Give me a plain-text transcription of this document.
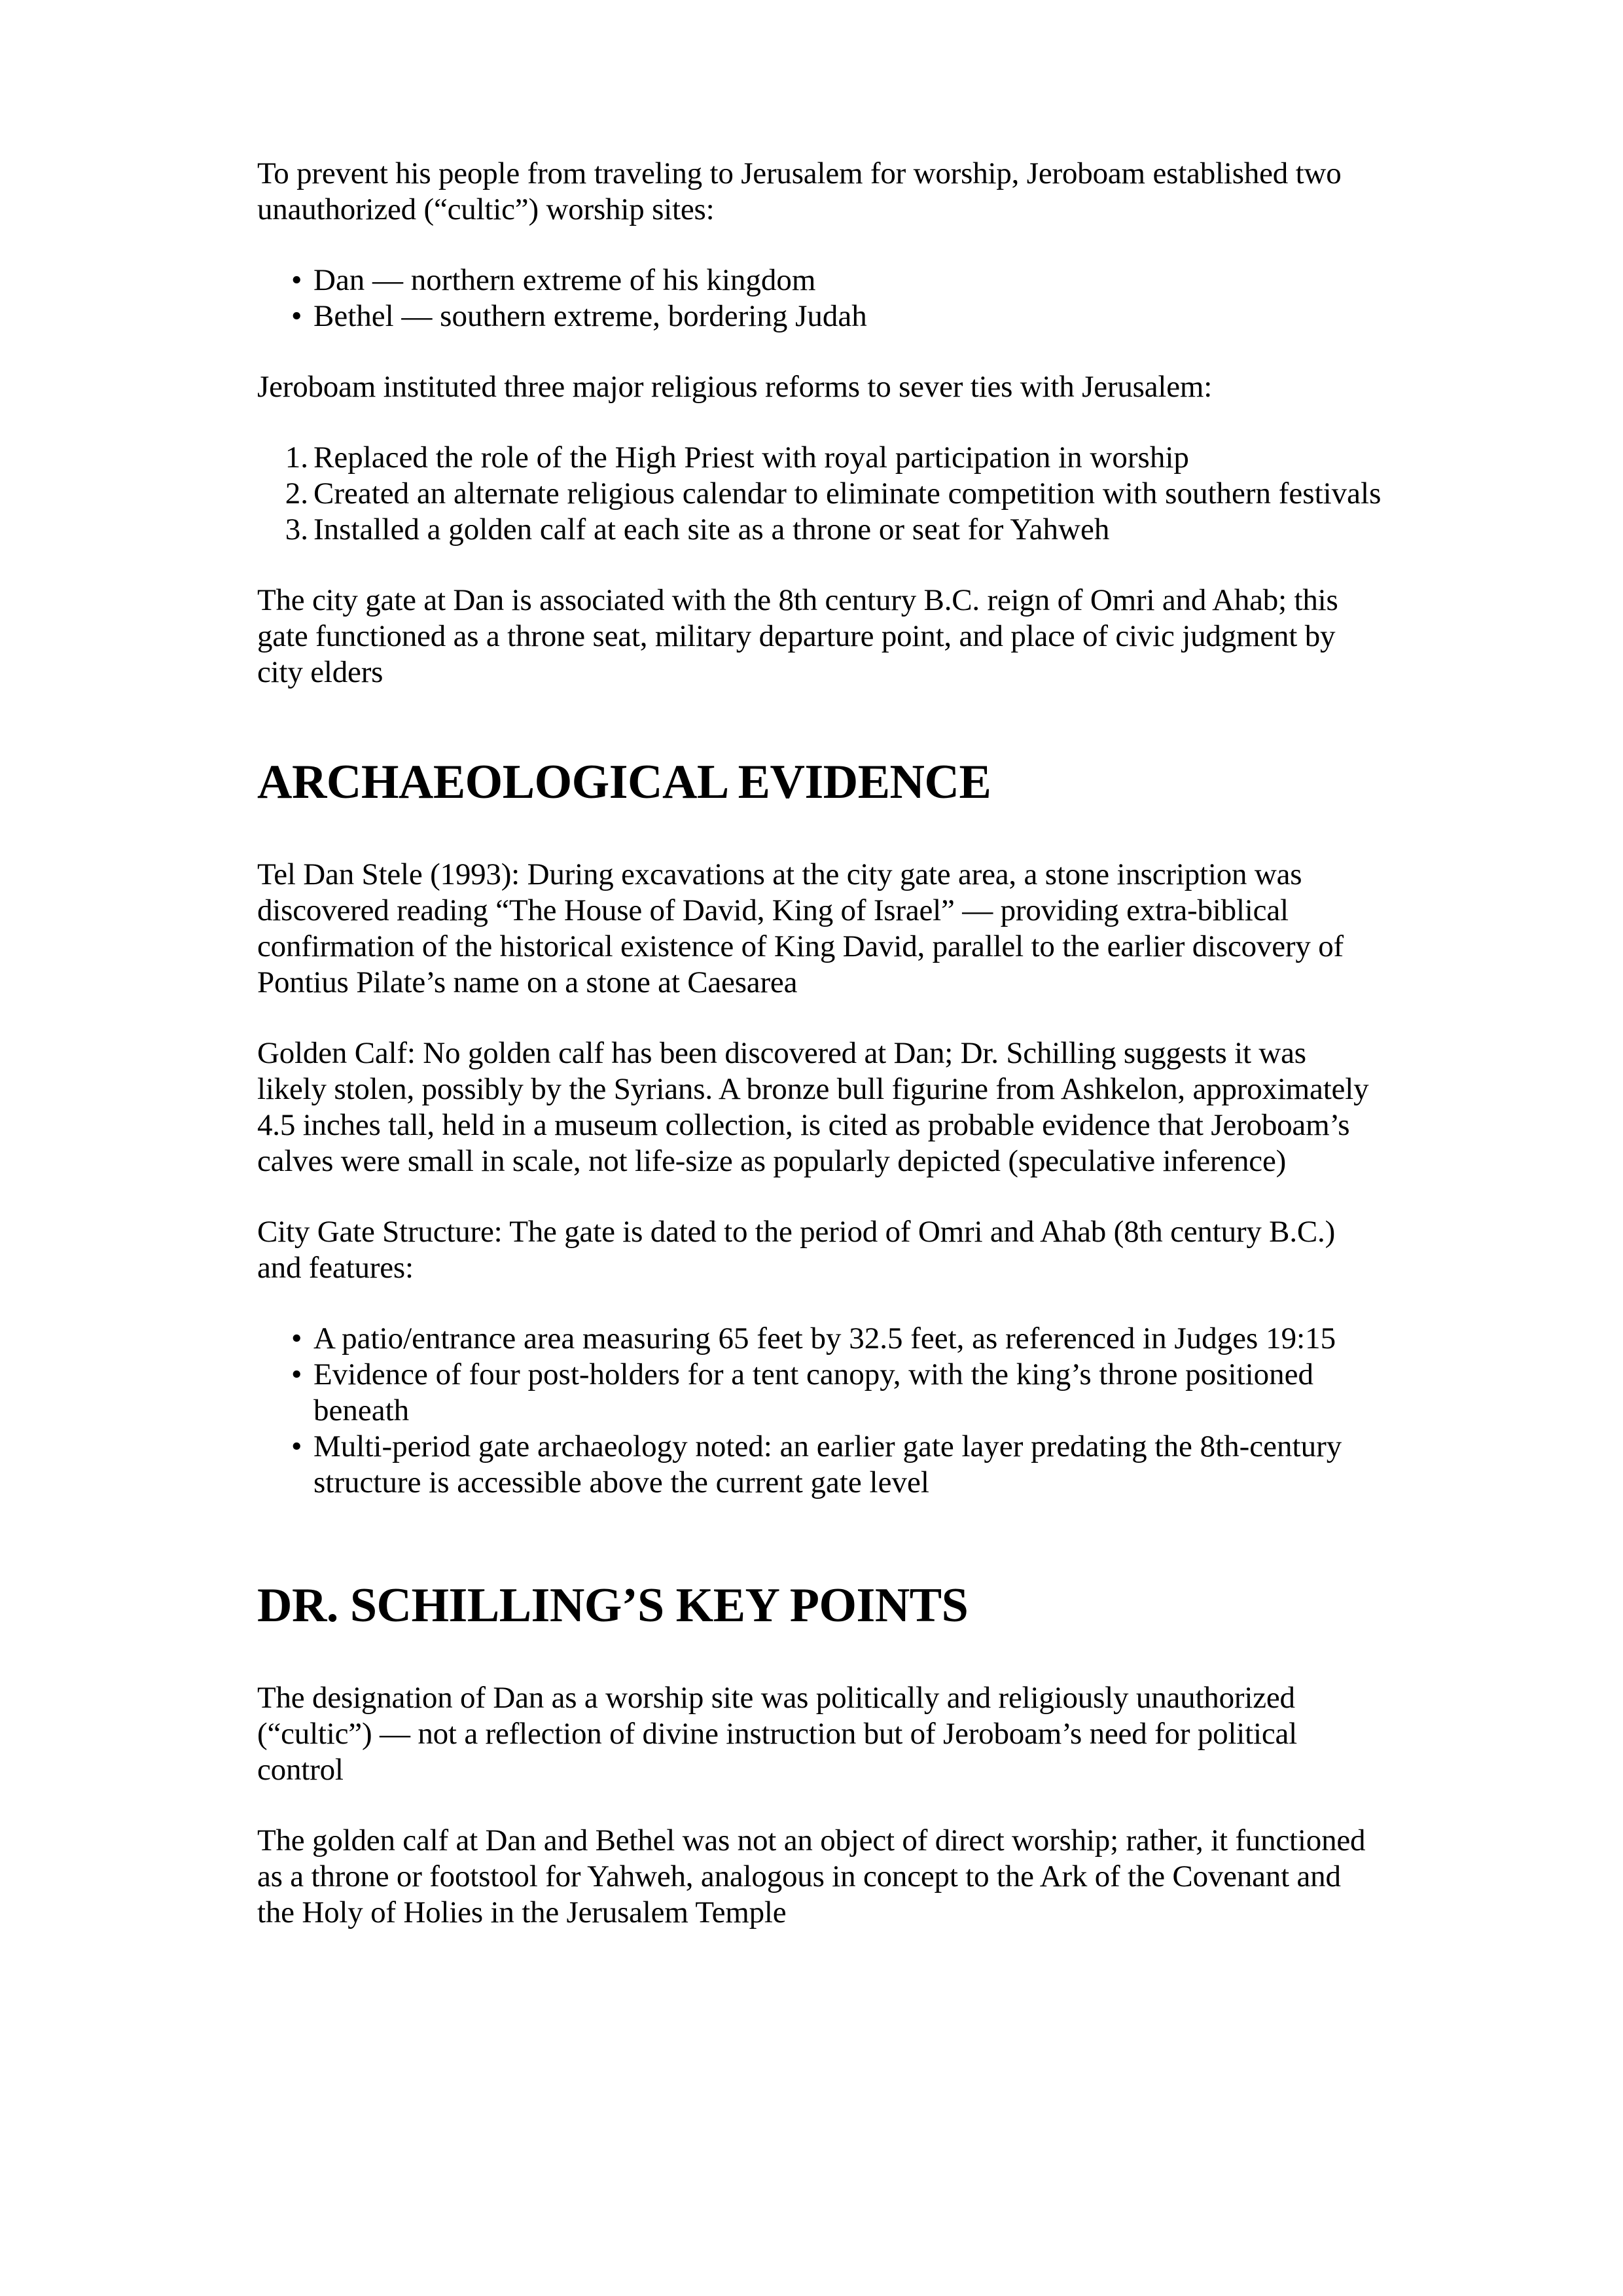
To prevent his people from traveling to Jerusalem for worship, Jeroboam established two unauthorized (“cultic”) worship sites:

• Dan — northern extreme of his kingdom
• Bethel — southern extreme, bordering Judah

Jeroboam instituted three major religious reforms to sever ties with Jerusalem:

1. Replaced the role of the High Priest with royal participation in worship
2. Created an alternate religious calendar to eliminate competition with southern festivals
3. Installed a golden calf at each site as a throne or seat for Yahweh

The city gate at Dan is associated with the 8th century B.C. reign of Omri and Ahab; this gate functioned as a throne seat, military departure point, and place of civic judgment by city elders

ARCHAEOLOGICAL EVIDENCE

Tel Dan Stele (1993): During excavations at the city gate area, a stone inscription was discovered reading “The House of David, King of Israel” — providing extra-biblical confirmation of the historical existence of King David, parallel to the earlier discovery of Pontius Pilate’s name on a stone at Caesarea

Golden Calf: No golden calf has been discovered at Dan; Dr. Schilling suggests it was likely stolen, possibly by the Syrians. A bronze bull figurine from Ashkelon, approximately 4.5 inches tall, held in a museum collection, is cited as probable evidence that Jeroboam’s calves were small in scale, not life-size as popularly depicted (speculative inference)

City Gate Structure: The gate is dated to the period of Omri and Ahab (8th century B.C.) and features:

• A patio/entrance area measuring 65 feet by 32.5 feet, as referenced in Judges 19:15
• Evidence of four post-holders for a tent canopy, with the king’s throne positioned beneath
• Multi-period gate archaeology noted: an earlier gate layer predating the 8th-century structure is accessible above the current gate level
DR. SCHILLING’S KEY POINTS

The designation of Dan as a worship site was politically and religiously unauthorized (“cultic”) — not a reflection of divine instruction but of Jeroboam’s need for political control

The golden calf at Dan and Bethel was not an object of direct worship; rather, it functioned as a throne or footstool for Yahweh, analogous in concept to the Ark of the Covenant and the Holy of Holies in the Jerusalem Temple
